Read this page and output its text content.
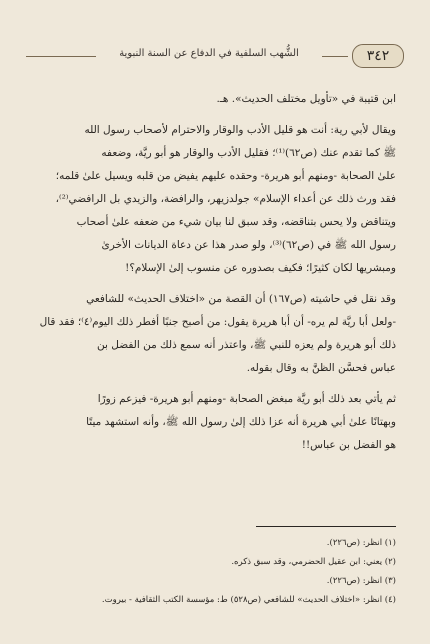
الشُّهب السلفية في الدفاع عن السنة النبوية	٣٤٢
ابن قتيبة في «تأويل مختلف الحديث». هـ.
ويقال لأبي رية: أنت هو قليل الأدب والوقار والاحترام لأصحاب رسول الله
ﷺ كما تقدم عنك (ص٦٢)⁽¹⁾؛ فقليل الأدب والوقار هو أبو ريَّة، وضعفه
علىٰ الصحابة -ومنهم أبو هريرة- وحقده عليهم يفيض من قلبه ويسيل علىٰ قلمه؛
فقد ورث ذلك عن أعداء الإسلام» جولدزيهر، والرافضة، والزيدي بل الرافضي⁽²⁾،
ويتناقض ولا يحس بتناقضه، وقد سبق لنا بيان شيء من ضعفه علىٰ أصحاب
رسول الله ﷺ في (ص٦٢)⁽³⁾، ولو صدر هذا عن دعاة الديانات الأخرىٰ
ومبشريها لكان كثيرًا؛ فكيف بصدوره عن منسوب إلىٰ الإسلام؟!
وقد نقل في حاشيته (ص١٦٧) أن القصة من «اختلاف الحديث» للشافعي
-ولعل أبا ريَّة لم يره- أن أبا هريرة يقول: من أصبح جنبًا أفطر ذلك اليوم⁽٤⁾؛ فقد قال
ذلك أبو هريرة ولم يعزه للنبي ﷺ، واعتذر أنه سمع ذلك من الفضل بن
عباس فحسَّن الظنَّ به وقال بقوله.
ثم يأتي بعد ذلك أبو ريَّة مبغض الصحابة -ومنهم أبو هريرة- فيزعم زورًا
وبهتانًا علىٰ أبي هريرة أنه عزا ذلك إلىٰ رسول الله ﷺ، وأنه استشهد ميتًا
هو الفضل بن عباس!!
(١) انظر: (ص٢٢٦).
(٢) يعني: ابن عقيل الحضرمي، وقد سبق ذكره.
(٣) انظر: (ص٢٢٦).
(٤) انظر: «اختلاف الحديث» للشافعي (ص٥٢٨) ط: مؤسسة الكتب الثقافية - بيروت.
